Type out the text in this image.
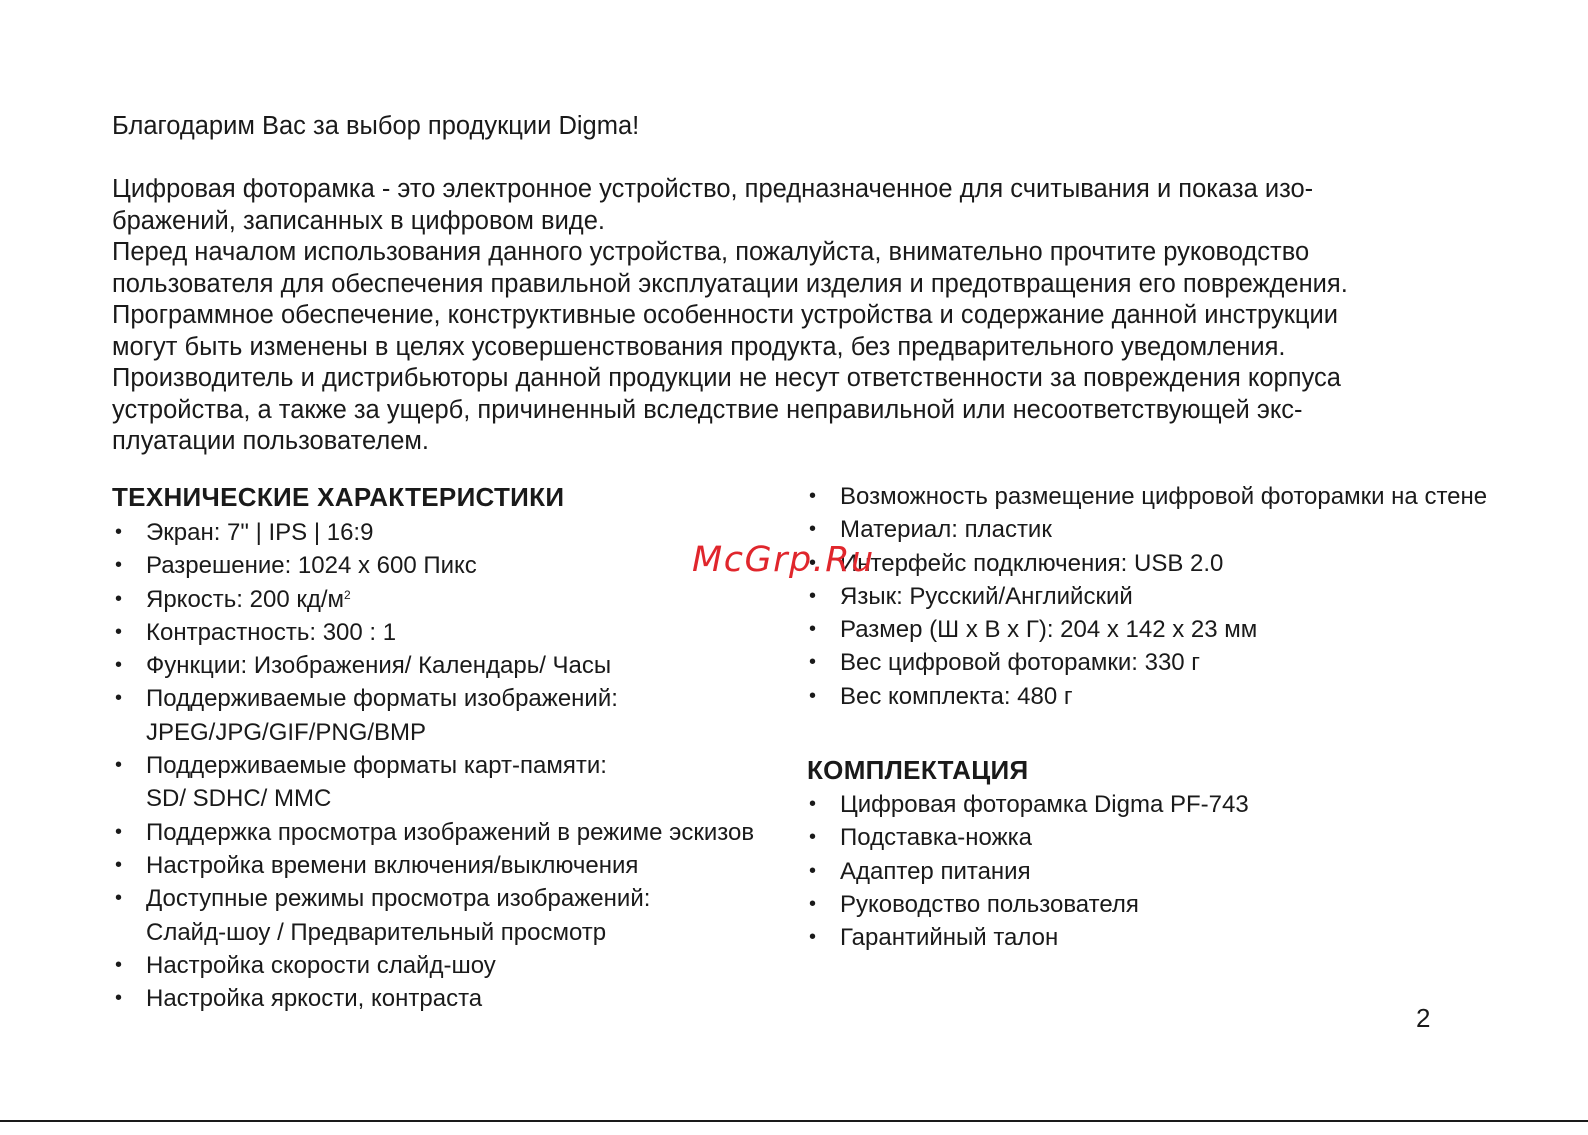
Благодарим Вас за выбор продукции Digma!

Цифровая фоторамка - это электронное устройство, предназначенное для считывания и показа изо-
бражений, записанных в цифровом виде.
Перед началом использования данного устройства, пожалуйста, внимательно прочтите руководство
пользователя для обеспечения правильной эксплуатации изделия и предотвращения его повреждения.
Программное обеспечение, конструктивные особенности устройства и содержание данной инструкции
могут быть изменены в целях усовершенствования продукта, без предварительного уведомления.
Производитель и дистрибьюторы данной продукции не несут ответственности за повреждения корпуса
устройства, а также за ущерб, причиненный вследствие неправильной или несоответствующей экс-
плуатации пользователем.
ТЕХНИЧЕСКИЕ ХАРАКТЕРИСТИКИ
• Экран: 7" | IPS | 16:9
• Разрешение: 1024 x 600 Пикс
• Яркость: 200 $кд/м^2$
• Контрастность: 300 : 1
• Функции: Изображения/ Календарь/ Часы
• Поддерживаемые форматы изображений:
JPEG/JPG/GIF/PNG/BMP
• Поддерживаемые форматы карт-памяти:
SD/ SDHC/ MMC
• Поддержка просмотра изображений в режиме эскизов
• Настройка времени включения/выключения
• Доступные режимы просмотра изображений:
Слайд-шоу / Предварительный просмотр
• Настройка скорости слайд-шоу
• Настройка яркости, контраста
• Возможность размещение цифровой фоторамки на стене
• Материал: пластик
• Интерфейс подключения: USB 2.0
• Язык: Русский/Английский
• Размер (Ш х В х Г): 204 x 142 x 23 мм
• Вес цифровой фоторамки: 330 г
• Вес комплекта: 480 г
КОМПЛЕКТАЦИЯ
• Цифровая фоторамка Digma PF-743
• Подставка-ножка
• Адаптер питания
• Руководство пользователя
• Гарантийный талон
McGrp.Ru
2
